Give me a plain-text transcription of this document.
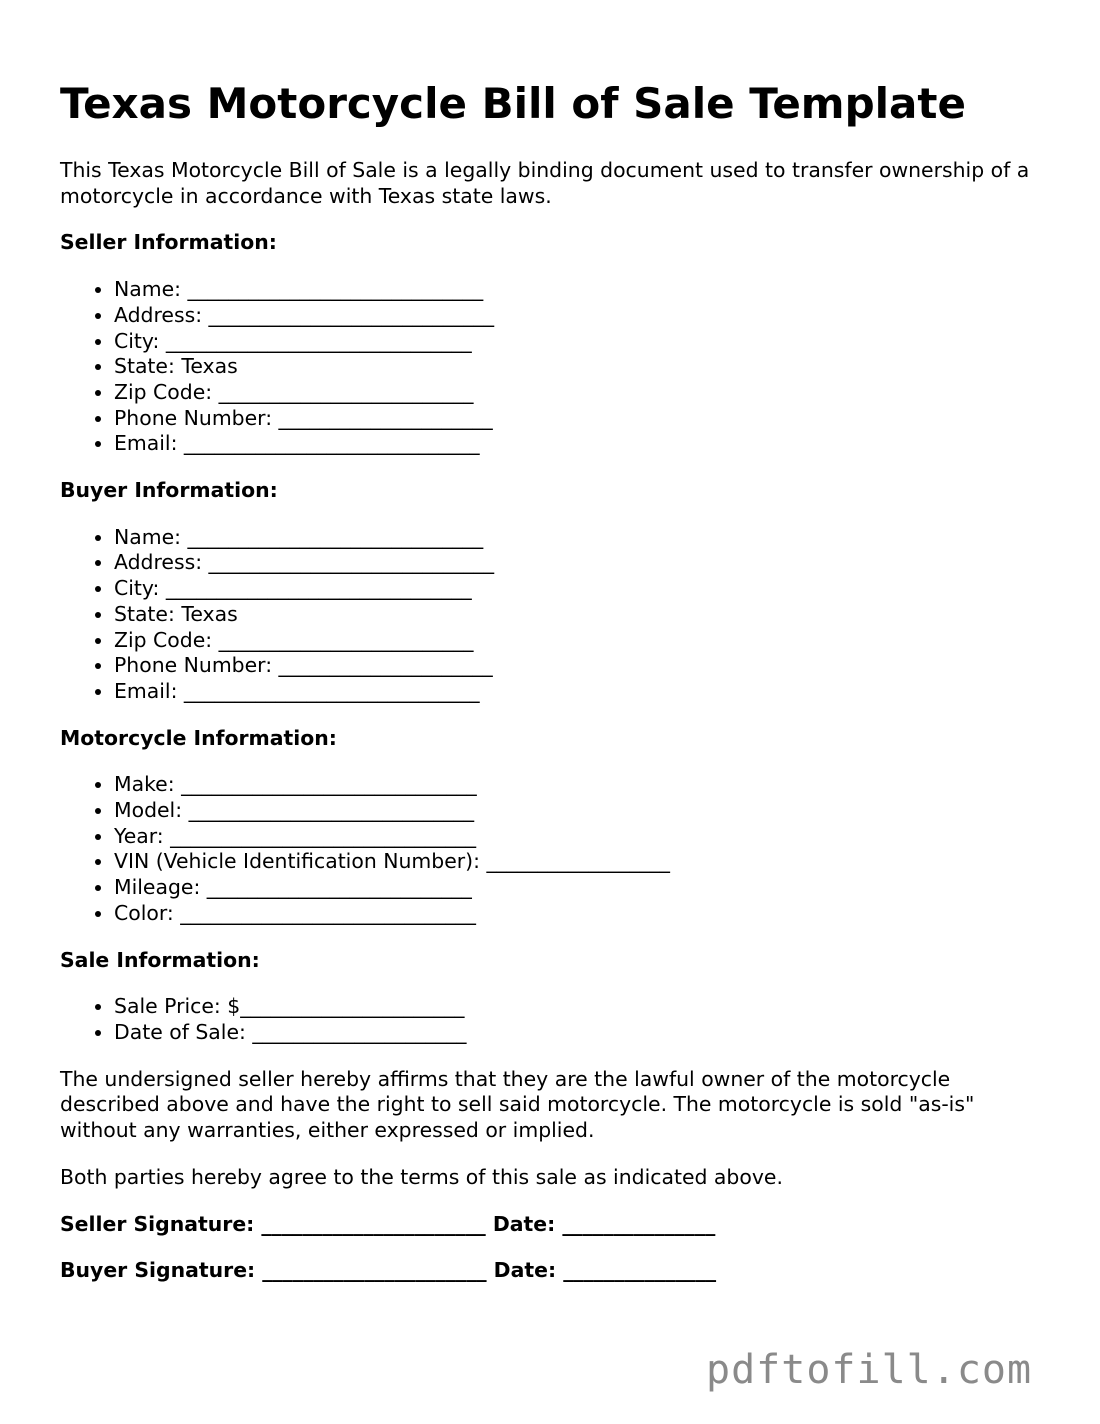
Texas Motorcycle Bill of Sale Template

This Texas Motorcycle Bill of Sale is a legally binding document used to transfer ownership of a motorcycle in accordance with Texas state laws.

Seller Information:
• Name: _____________________________
• Address: ____________________________
• City: ______________________________
• State: Texas
• Zip Code: _________________________
• Phone Number: _____________________
• Email: _____________________________
Buyer Information:
• Name: _____________________________
• Address: ____________________________
• City: ______________________________
• State: Texas
• Zip Code: _________________________
• Phone Number: _____________________
• Email: _____________________________
Motorcycle Information:
• Make: _____________________________
• Model: ____________________________
• Year: ______________________________
• VIN (Vehicle Identification Number): __________________
• Mileage: __________________________
• Color: _____________________________
Sale Information:
• Sale Price: $______________________
• Date of Sale: _____________________

The undersigned seller hereby affirms that they are the lawful owner of the motorcycle described above and have the right to sell said motorcycle. The motorcycle is sold "as-is" without any warranties, either expressed or implied.

Both parties hereby agree to the terms of this sale as indicated above.

Seller Signature: ______________________ Date: _______________
Buyer Signature: ______________________ Date: _______________
pdftofill.com
